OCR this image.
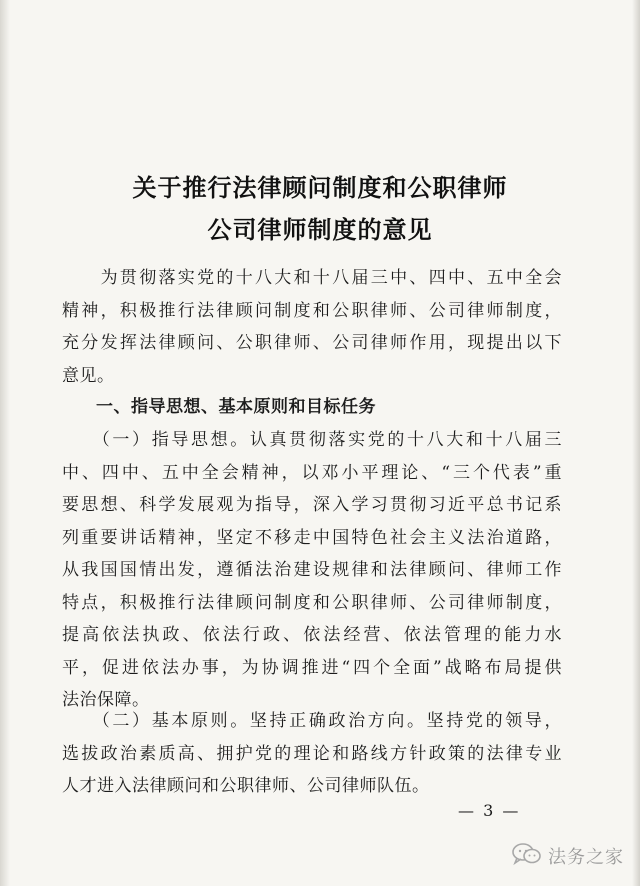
关于推行法律顾问制度和公职律师
公司律师制度的意见
　　为贯彻落实党的十八大和十八届三中、四中、五中全会
精神，积极推行法律顾问制度和公职律师、公司律师制度，
充分发挥法律顾问、公职律师、公司律师作用，现提出以下
意见。
一、指导思想、基本原则和目标任务
　　（一）指导思想。认真贯彻落实党的十八大和十八届三
中、四中、五中全会精神，以邓小平理论、“三个代表”重
要思想、科学发展观为指导，深入学习贯彻习近平总书记系
列重要讲话精神，坚定不移走中国特色社会主义法治道路，
从我国国情出发，遵循法治建设规律和法律顾问、律师工作
特点，积极推行法律顾问制度和公职律师、公司律师制度，
提高依法执政、依法行政、依法经营、依法管理的能力水
平，促进依法办事，为协调推进“四个全面”战略布局提供
法治保障。
　　（二）基本原则。坚持正确政治方向。坚持党的领导，
选拔政治素质高、拥护党的理论和路线方针政策的法律专业
人才进入法律顾问和公职律师、公司律师队伍。
— 3 —
法务之家
